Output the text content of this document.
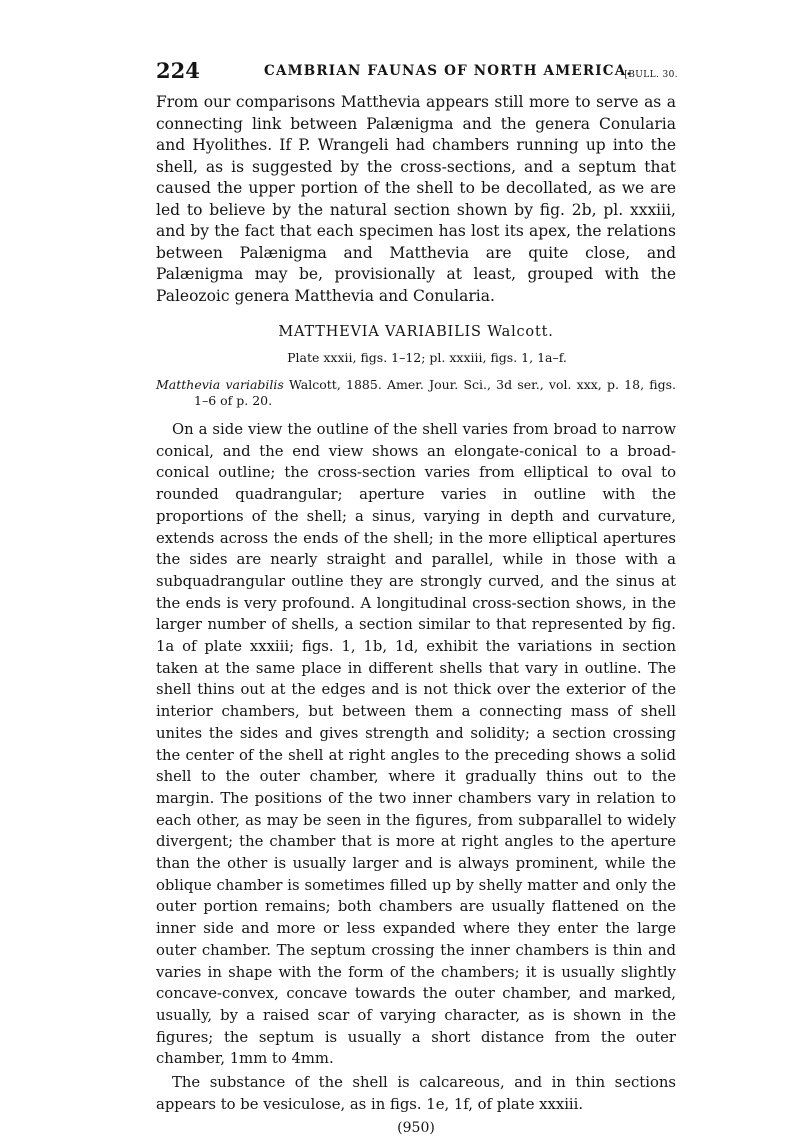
224	CAMBRIAN FAUNAS OF NORTH AMERICA.
[BULL. 30.

From our comparisons Matthevia appears still more to serve as a connecting link between Palænigma and the genera Conularia and Hyolithes. If P. Wrangeli had chambers running up into the shell, as is suggested by the cross-sections, and a septum that caused the upper portion of the shell to be decollated, as we are led to believe by the natural section shown by fig. 2b, pl. xxxiii, and by the fact that each specimen has lost its apex, the relations between Palænigma and Matthevia are quite close, and Palænigma may be, provisionally at least, grouped with the Paleozoic genera Matthevia and Conularia.

MATTHEVIA VARIABILIS Walcott.
Plate xxxii, figs. 1–12; pl. xxxiii, figs. 1, 1a–f.

Matthevia variabilis Walcott, 1885. Amer. Jour. Sci., 3d ser., vol. xxx, p. 18, figs. 1–6 of p. 20.

On a side view the outline of the shell varies from broad to narrow conical, and the end view shows an elongate-conical to a broad-conical outline; the cross-section varies from elliptical to oval to rounded quadrangular; aperture varies in outline with the proportions of the shell; a sinus, varying in depth and curvature, extends across the ends of the shell; in the more elliptical apertures the sides are nearly straight and parallel, while in those with a subquadrangular outline they are strongly curved, and the sinus at the ends is very profound. A longitudinal cross-section shows, in the larger number of shells, a section similar to that represented by fig. 1a of plate xxxiii; figs. 1, 1b, 1d, exhibit the variations in section taken at the same place in different shells that vary in outline. The shell thins out at the edges and is not thick over the exterior of the interior chambers, but between them a connecting mass of shell unites the sides and gives strength and solidity; a section crossing the center of the shell at right angles to the preceding shows a solid shell to the outer chamber, where it gradually thins out to the margin. The positions of the two inner chambers vary in relation to each other, as may be seen in the figures, from subparallel to widely divergent; the chamber that is more at right angles to the aperture than the other is usually larger and is always prominent, while the oblique chamber is sometimes filled up by shelly matter and only the outer portion remains; both chambers are usually flattened on the inner side and more or less expanded where they enter the large outer chamber. The septum crossing the inner chambers is thin and varies in shape with the form of the chambers; it is usually slightly concave-convex, concave towards the outer chamber, and marked, usually, by a raised scar of varying character, as is shown in the figures; the septum is usually a short distance from the outer chamber, 1mm to 4mm.

The substance of the shell is calcareous, and in thin sections appears to be vesiculose, as in figs. 1e, 1f, of plate xxxiii.

(950)
